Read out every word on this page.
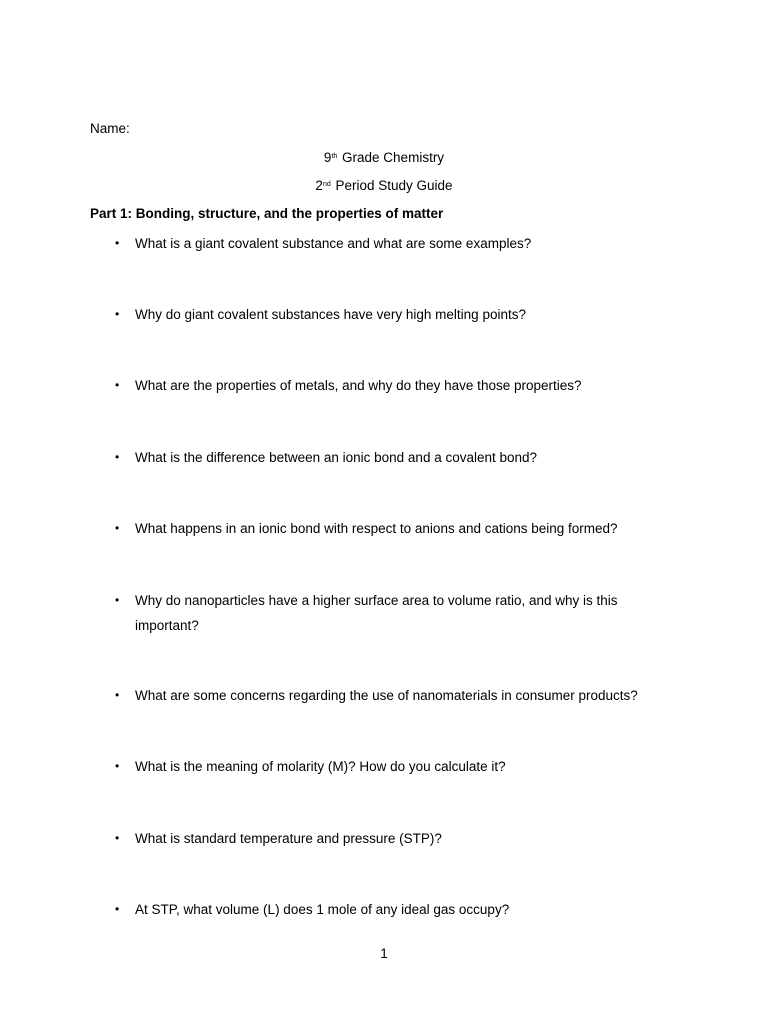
Name:
9th Grade Chemistry
2nd Period Study Guide
Part 1: Bonding, structure, and the properties of matter
• What is a giant covalent substance and what are some examples?
• Why do giant covalent substances have very high melting points?
• What are the properties of metals, and why do they have those properties?
• What is the difference between an ionic bond and a covalent bond?
• What happens in an ionic bond with respect to anions and cations being formed?
• Why do nanoparticles have a higher surface area to volume ratio, and why is this important?
• What are some concerns regarding the use of nanomaterials in consumer products?
• What is the meaning of molarity (M)? How do you calculate it?
• What is standard temperature and pressure (STP)?
• At STP, what volume (L) does 1 mole of any ideal gas occupy?
1
